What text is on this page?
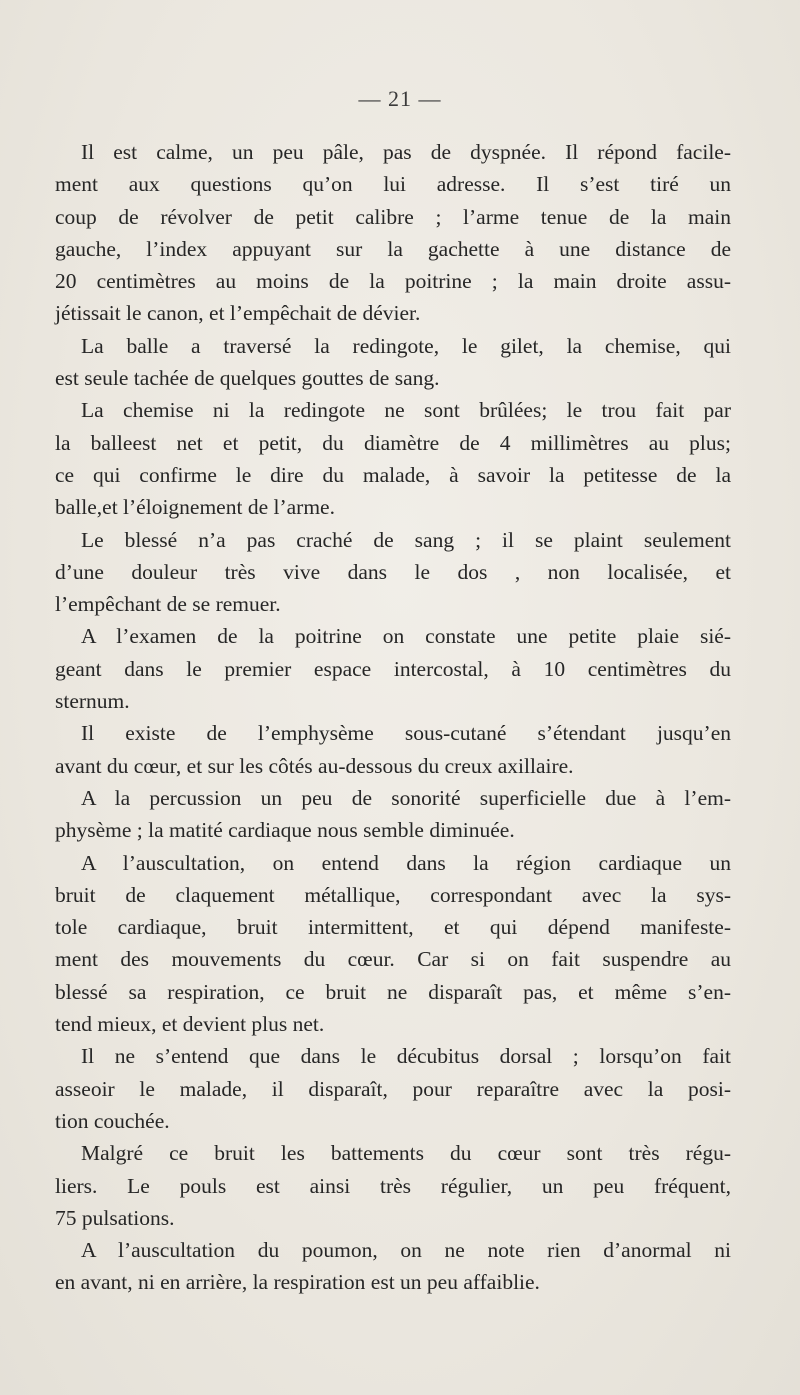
— 21 —
Il est calme, un peu pâle, pas de dyspnée. Il répond facile-
ment aux questions qu’on lui adresse. Il s’est tiré un
coup de révolver de petit calibre ; l’arme tenue de la main
gauche, l’index appuyant sur la gachette à une distance de
20 centimètres au moins de la poitrine ; la main droite assu-
jétissait le canon, et l’empêchait de dévier.
La balle a traversé la redingote, le gilet, la chemise, qui
est seule tachée de quelques gouttes de sang.
La chemise ni la redingote ne sont brûlées; le trou fait par
la balleest net et petit, du diamètre de 4 millimètres au plus;
ce qui confirme le dire du malade, à savoir la petitesse de la
balle,et l’éloignement de l’arme.
Le blessé n’a pas craché de sang ; il se plaint seulement
d’une douleur très vive dans le dos , non localisée, et
l’empêchant de se remuer.
A l’examen de la poitrine on constate une petite plaie sié-
geant dans le premier espace intercostal, à 10 centimètres du
sternum.
Il existe de l’emphysème sous-cutané s’étendant jusqu’en
avant du cœur, et sur les côtés au-dessous du creux axillaire.
A la percussion un peu de sonorité superficielle due à l’em-
physème ; la matité cardiaque nous semble diminuée.
A l’auscultation, on entend dans la région cardiaque un
bruit de claquement métallique, correspondant avec la sys-
tole cardiaque, bruit intermittent, et qui dépend manifeste-
ment des mouvements du cœur. Car si on fait suspendre au
blessé sa respiration, ce bruit ne disparaît pas, et même s’en-
tend mieux, et devient plus net.
Il ne s’entend que dans le décubitus dorsal ; lorsqu’on fait
asseoir le malade, il disparaît, pour reparaître avec la posi-
tion couchée.
Malgré ce bruit les battements du cœur sont très régu-
liers. Le pouls est ainsi très régulier, un peu fréquent,
75 pulsations.
A l’auscultation du poumon, on ne note rien d’anormal ni
en avant, ni en arrière, la respiration est un peu affaiblie.
